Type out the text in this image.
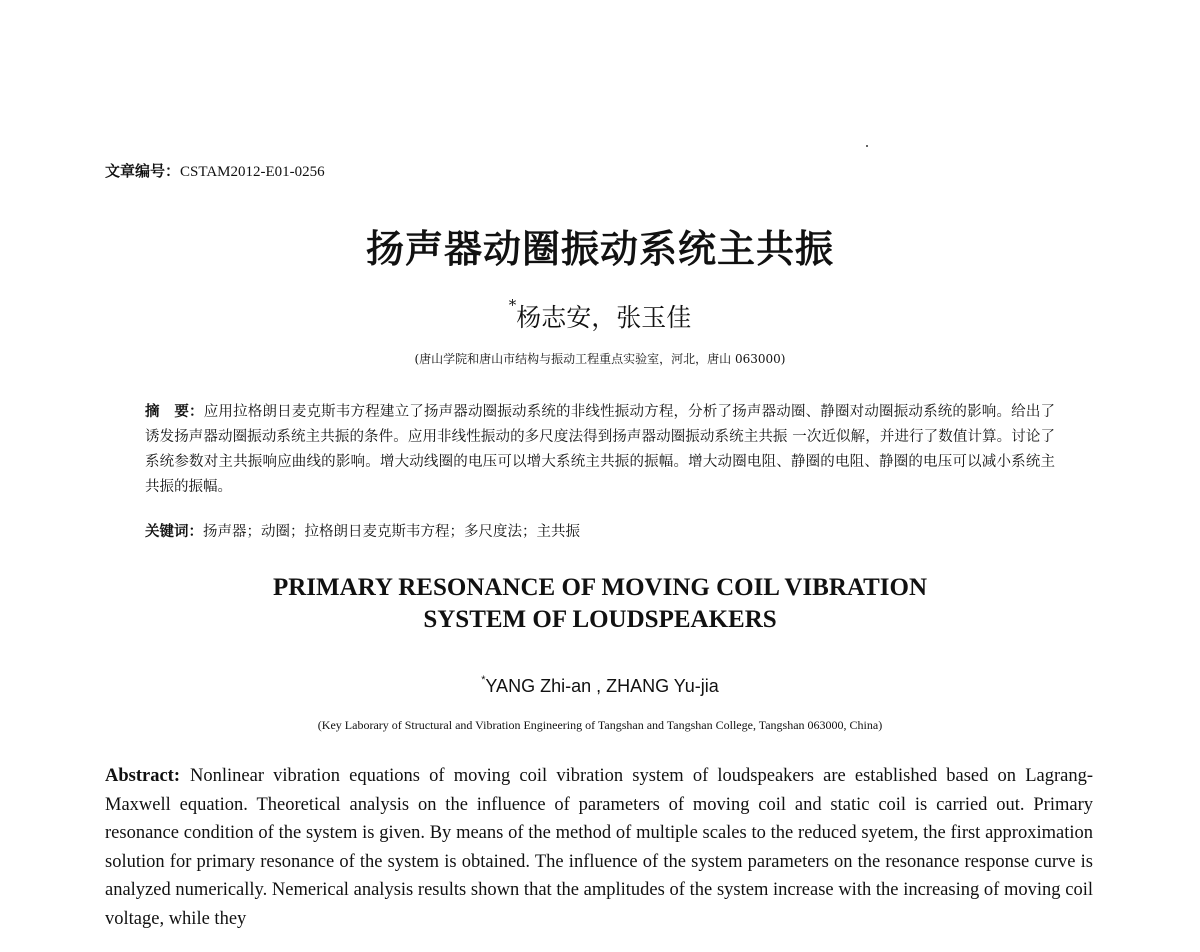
文章编号：CSTAM2012-E01-0256
扬声器动圈振动系统主共振
*杨志安，张玉佳
(唐山学院和唐山市结构与振动工程重点实验室，河北，唐山 063000)
摘　要：应用拉格朗日麦克斯韦方程建立了扬声器动圈振动系统的非线性振动方程，分析了扬声器动圈、静圈对动圈振动系统的影响。给出了诱发扬声器动圈振动系统主共振的条件。应用非线性振动的多尺度法得到扬声器动圈振动系统主共振 一次近似解，并进行了数值计算。讨论了系统参数对主共振响应曲线的影响。增大动线圈的电压可以增大系统主共振的振幅。增大动圈电阻、静圈的电阻、静圈的电压可以减小系统主共振的振幅。
关键词：扬声器；动圈；拉格朗日麦克斯韦方程；多尺度法；主共振
PRIMARY RESONANCE OF MOVING COIL VIBRATION
SYSTEM OF LOUDSPEAKERS
*YANG Zhi-an , ZHANG Yu-jia
(Key Laborary of Structural and Vibration Engineering of Tangshan and Tangshan College, Tangshan 063000, China)
Abstract: Nonlinear vibration equations of moving coil vibration system of loudspeakers are established based on Lagrang-Maxwell equation. Theoretical analysis on the influence of parameters of moving coil and static coil is carried out. Primary resonance condition of the system is given. By means of the method of multiple scales to the reduced syetem, the first approximation solution for primary resonance of the system is obtained. The influence of the system parameters on the resonance response curve is analyzed numerically. Nemerical analysis results shown that the amplitudes of the system increase with the increasing of moving coil voltage, while they
